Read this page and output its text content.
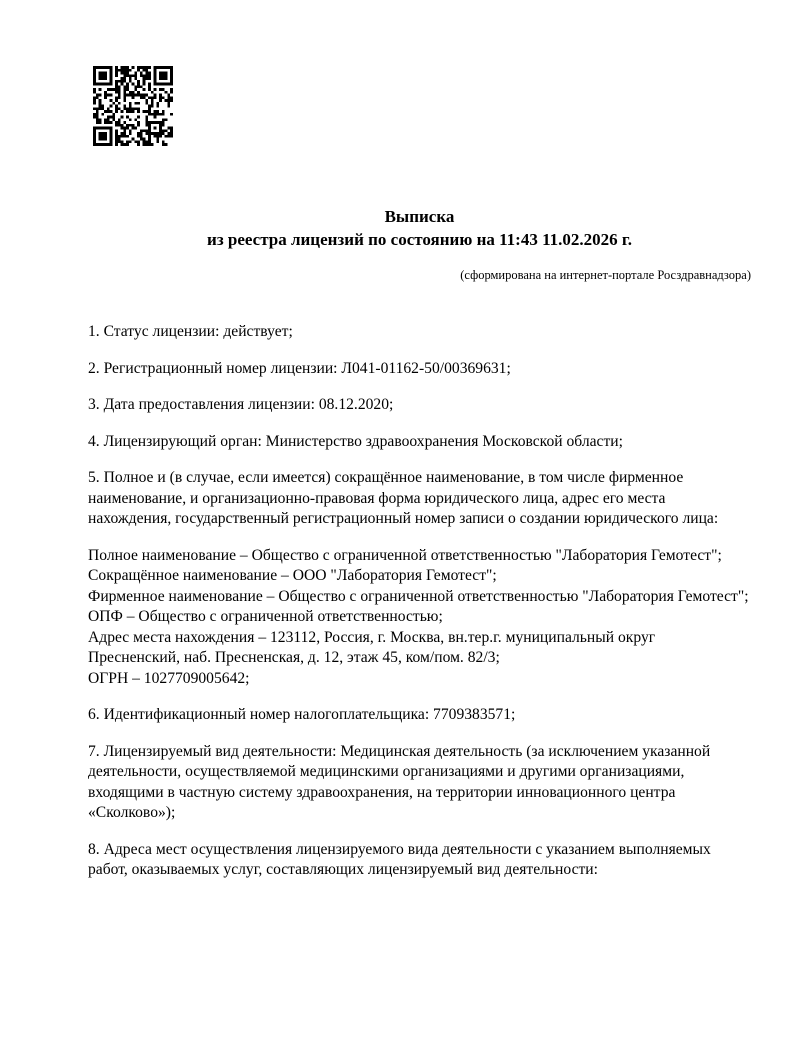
Выписка
из реестра лицензий по состоянию на 11:43 11.02.2026 г.
(сформирована на интернет-портале Росздравнадзора)

1. Статус лицензии: действует;

2. Регистрационный номер лицензии: Л041-01162-50/00369631;

3. Дата предоставления лицензии: 08.12.2020;

4. Лицензирующий орган: Министерство здравоохранения Московской области;

5. Полное и (в случае, если имеется) сокращённое наименование, в том числе фирменное наименование, и организационно-правовая форма юридического лица, адрес его места нахождения, государственный регистрационный номер записи о создании юридического лица:

Полное наименование – Общество с ограниченной ответственностью "Лаборатория Гемотест";
Сокращённое наименование – ООО "Лаборатория Гемотест";
Фирменное наименование – Общество с ограниченной ответственностью "Лаборатория Гемотест";
ОПФ – Общество с ограниченной ответственностью;
Адрес места нахождения – 123112, Россия, г. Москва, вн.тер.г. муниципальный округ Пресненский, наб. Пресненская, д. 12, этаж 45, ком/пом. 82/3;
ОГРН – 1027709005642;

6. Идентификационный номер налогоплательщика: 7709383571;

7. Лицензируемый вид деятельности: Медицинская деятельность (за исключением указанной деятельности, осуществляемой медицинскими организациями и другими организациями, входящими в частную систему здравоохранения, на территории инновационного центра «Сколково»);

8. Адреса мест осуществления лицензируемого вида деятельности с указанием выполняемых работ, оказываемых услуг, составляющих лицензируемый вид деятельности:
